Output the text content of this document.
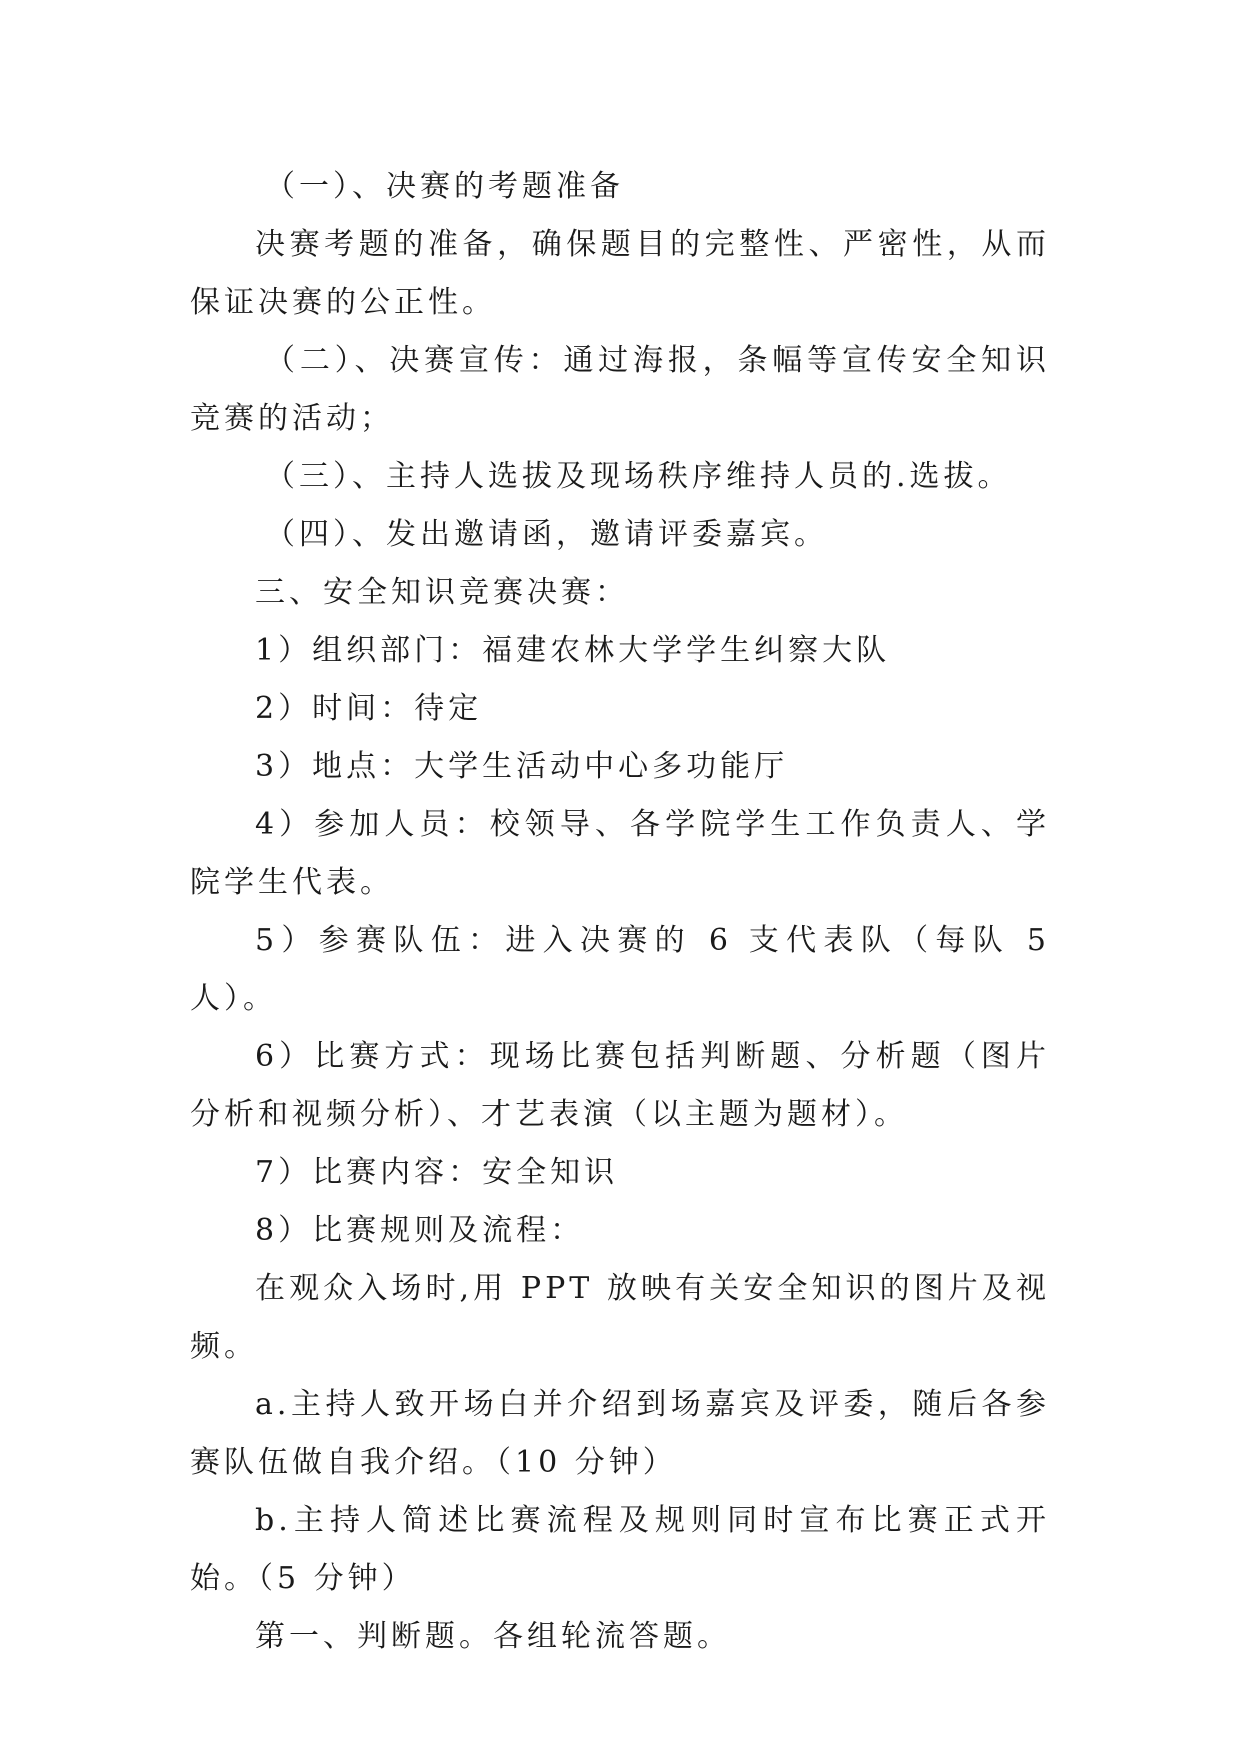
（一）、决赛的考题准备

决赛考题的准备，确保题目的完整性、严密性，从而保证决赛的公正性。

（二）、决赛宣传：通过海报，条幅等宣传安全知识竞赛的活动；

（三）、主持人选拔及现场秩序维持人员的.选拔。

（四）、发出邀请函，邀请评委嘉宾。

三、安全知识竞赛决赛：

1）组织部门：福建农林大学学生纠察大队

2）时间：待定

3）地点：大学生活动中心多功能厅

4）参加人员：校领导、各学院学生工作负责人、学院学生代表。

5）参赛队伍：进入决赛的 6 支代表队（每队 5 人）。

6）比赛方式：现场比赛包括判断题、分析题（图片分析和视频分析）、才艺表演（以主题为题材）。

7）比赛内容：安全知识

8）比赛规则及流程：

在观众入场时,用 PPT 放映有关安全知识的图片及视频。

a.主持人致开场白并介绍到场嘉宾及评委，随后各参赛队伍做自我介绍。（10 分钟）

b.主持人简述比赛流程及规则同时宣布比赛正式开始。（5 分钟）

第一、判断题。各组轮流答题。
